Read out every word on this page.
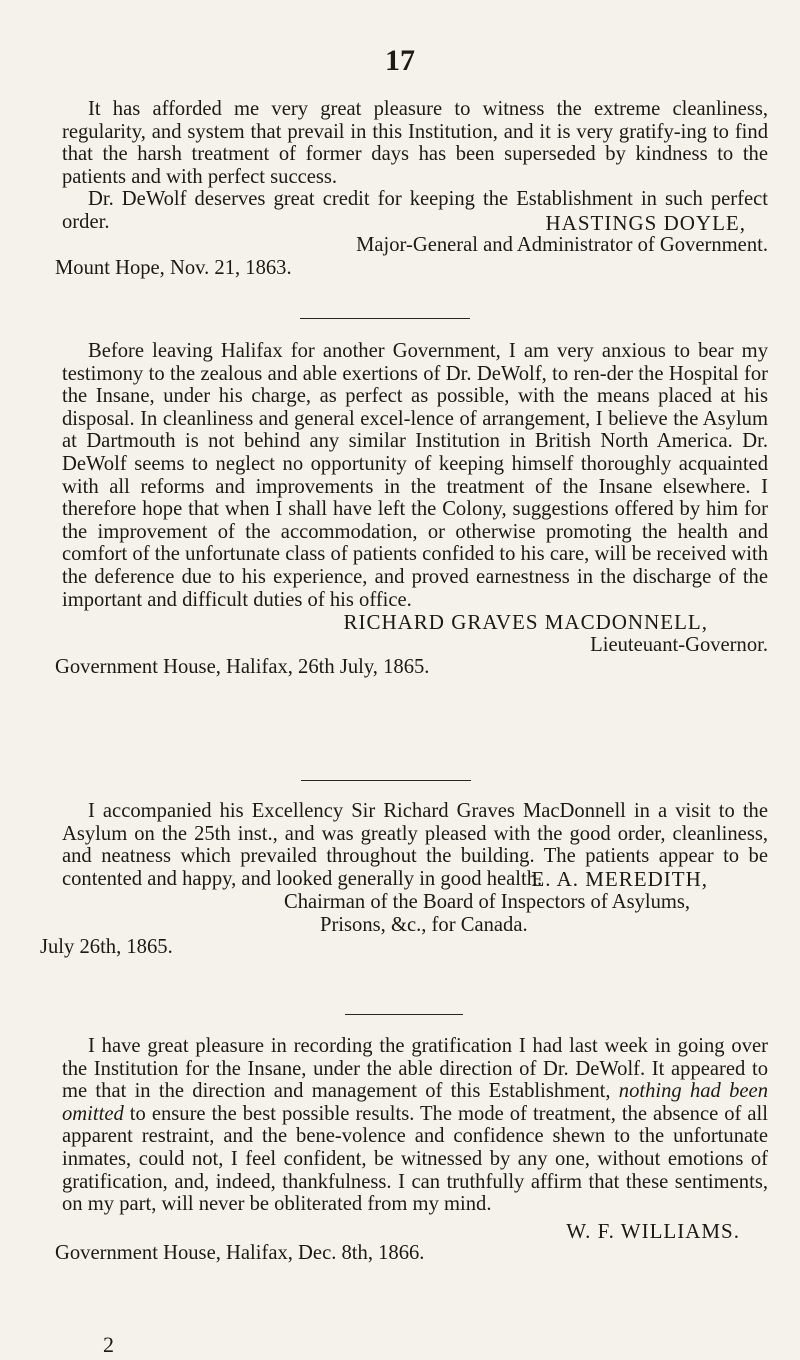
17

It has afforded me very great pleasure to witness the extreme cleanliness, regularity, and system that prevail in this Institution, and it is very gratify-ing to find that the harsh treatment of former days has been superseded by kindness to the patients and with perfect success.

Dr. DeWolf deserves great credit for keeping the Establishment in such perfect order.	HASTINGS DOYLE,
Major-General and Administrator of Government.
Mount Hope, Nov. 21, 1863.

Before leaving Halifax for another Government, I am very anxious to bear my testimony to the zealous and able exertions of Dr. DeWolf, to ren-der the Hospital for the Insane, under his charge, as perfect as possible, with the means placed at his disposal. In cleanliness and general excel-lence of arrangement, I believe the Asylum at Dartmouth is not behind any similar Institution in British North America. Dr. DeWolf seems to neglect no opportunity of keeping himself thoroughly acquainted with all reforms and improvements in the treatment of the Insane elsewhere. I therefore hope that when I shall have left the Colony, suggestions offered by him for the improvement of the accommodation, or otherwise promoting the health and comfort of the unfortunate class of patients confided to his care, will be received with the deference due to his experience, and proved earnestness in the discharge of the important and difficult duties of his office.

RICHARD GRAVES MACDONNELL,
Lieuteuant-Governor.
Government House, Halifax, 26th July, 1865.

I accompanied his Excellency Sir Richard Graves MacDonnell in a visit to the Asylum on the 25th inst., and was greatly pleased with the good order, cleanliness, and neatness which prevailed throughout the building. The patients appear to be contented and happy, and looked generally in good health.

E. A. MEREDITH,
Chairman of the Board of Inspectors of Asylums,
Prisons, &c., for Canada.
July 26th, 1865.

I have great pleasure in recording the gratification I had last week in going over the Institution for the Insane, under the able direction of Dr. DeWolf. It appeared to me that in the direction and management of this Establishment, nothing had been omitted to ensure the best possible results. The mode of treatment, the absence of all apparent restraint, and the bene-volence and confidence shewn to the unfortunate inmates, could not, I feel confident, be witnessed by any one, without emotions of gratification, and, indeed, thankfulness. I can truthfully affirm that these sentiments, on my part, will never be obliterated from my mind.

W. F. WILLIAMS.
Government House, Halifax, Dec. 8th, 1866.
2
